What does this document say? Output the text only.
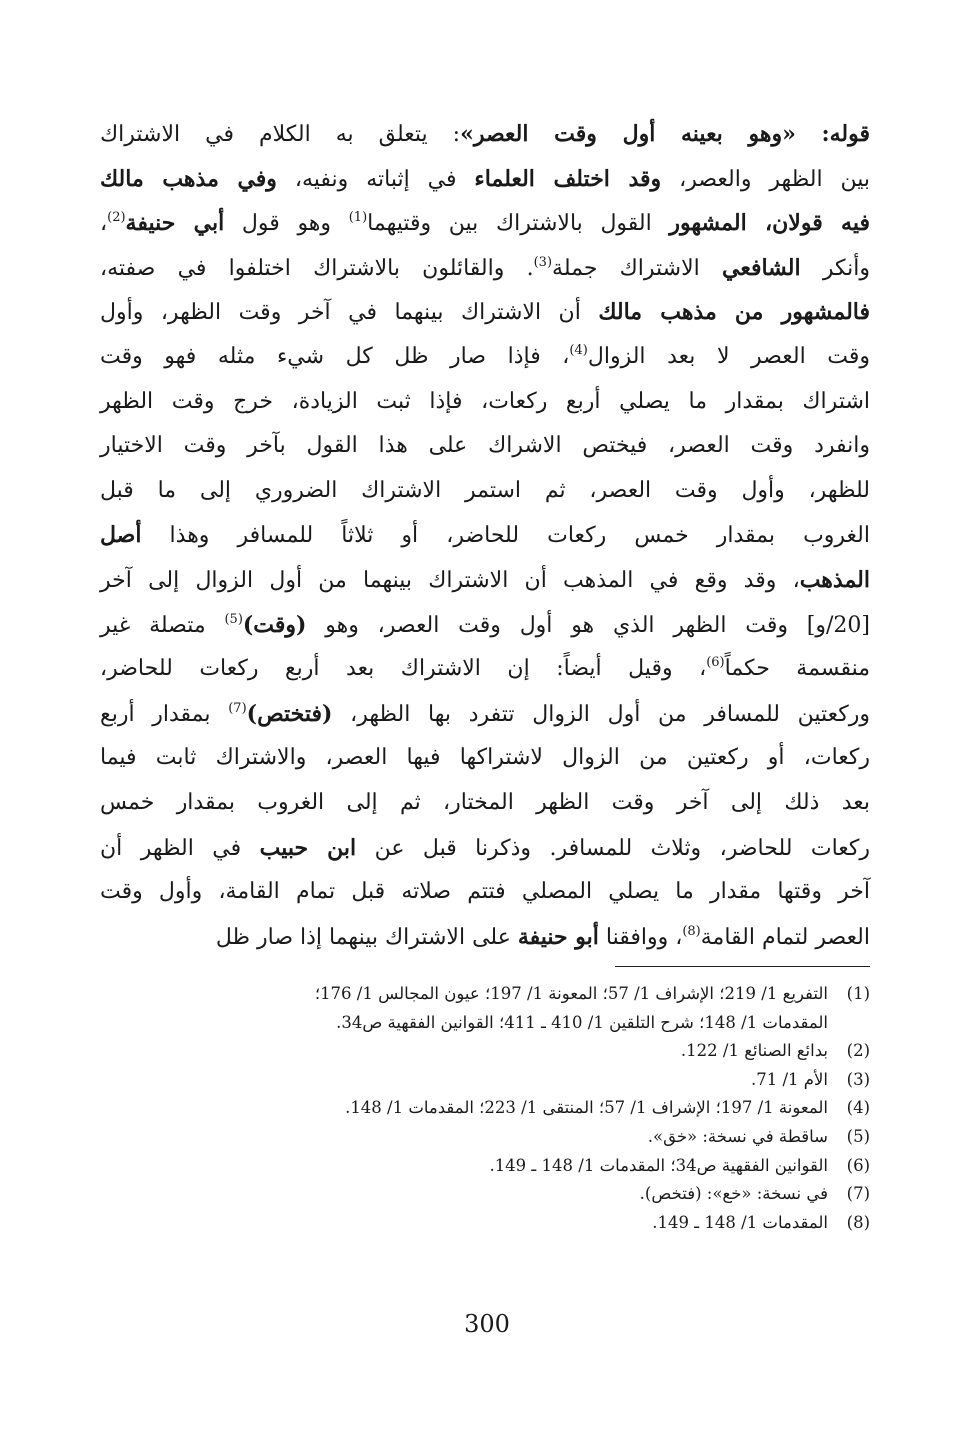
قوله: «وهو بعينه أول وقت العصر»: يتعلق به الكلام في الاشتراك
بين الظهر والعصر، وقد اختلف العلماء في إثباته ونفيه، وفي مذهب مالك
فيه قولان، المشهور القول بالاشتراك بين وقتيهما$^{(1)}$ وهو قول أبي حنيفة$^{(2)}$،
وأنكر الشافعي الاشتراك جملة$^{(3)}$. والقائلون بالاشتراك اختلفوا في صفته،
فالمشهور من مذهب مالك أن الاشتراك بينهما في آخر وقت الظهر، وأول
وقت العصر لا بعد الزوال$^{(4)}$، فإذا صار ظل كل شيء مثله فهو وقت
اشتراك بمقدار ما يصلي أربع ركعات، فإذا ثبت الزيادة، خرج وقت الظهر
وانفرد وقت العصر، فيختص الاشراك على هذا القول بآخر وقت الاختيار
للظهر، وأول وقت العصر، ثم استمر الاشتراك الضروري إلى ما قبل
الغروب بمقدار خمس ركعات للحاضر، أو ثلاثاً للمسافر وهذا أصل
المذهب، وقد وقع في المذهب أن الاشتراك بينهما من أول الزوال إلى آخر
[20/و] وقت الظهر الذي هو أول وقت العصر، وهو (وقت)$^{(5)}$ متصلة غير
منقسمة حكماً$^{(6)}$، وقيل أيضاً: إن الاشتراك بعد أربع ركعات للحاضر،
وركعتين للمسافر من أول الزوال تتفرد بها الظهر، (فتختص)$^{(7)}$ بمقدار أربع
ركعات، أو ركعتين من الزوال لاشتراكها فيها العصر، والاشتراك ثابت فيما
بعد ذلك إلى آخر وقت الظهر المختار، ثم إلى الغروب بمقدار خمس
ركعات للحاضر، وثلاث للمسافر. وذكرنا قبل عن ابن حبيب في الظهر أن
آخر وقتها مقدار ما يصلي المصلي فتتم صلاته قبل تمام القامة، وأول وقت
العصر لتمام القامة$^{(8)}$، ووافقنا أبو حنيفة على الاشتراك بينهما إذا صار ظل
(1)التفريع 1/ 219؛ الإشراف 1/ 57؛ المعونة 1/ 197؛ عيون المجالس 1/ 176؛
المقدمات 1/ 148؛ شرح التلقين 1/ 410 ـ 411؛ القوانين الفقهية ص34.
(2)بدائع الصنائع 1/ 122.
(3)الأم 1/ 71.
(4)المعونة 1/ 197؛ الإشراف 1/ 57؛ المنتقى 1/ 223؛ المقدمات 1/ 148.
(5)ساقطة في نسخة: «خق».
(6)القوانين الفقهية ص34؛ المقدمات 1/ 148 ـ 149.
(7)في نسخة: «خع»: (فتخص).
(8)المقدمات 1/ 148 ـ 149.
300
